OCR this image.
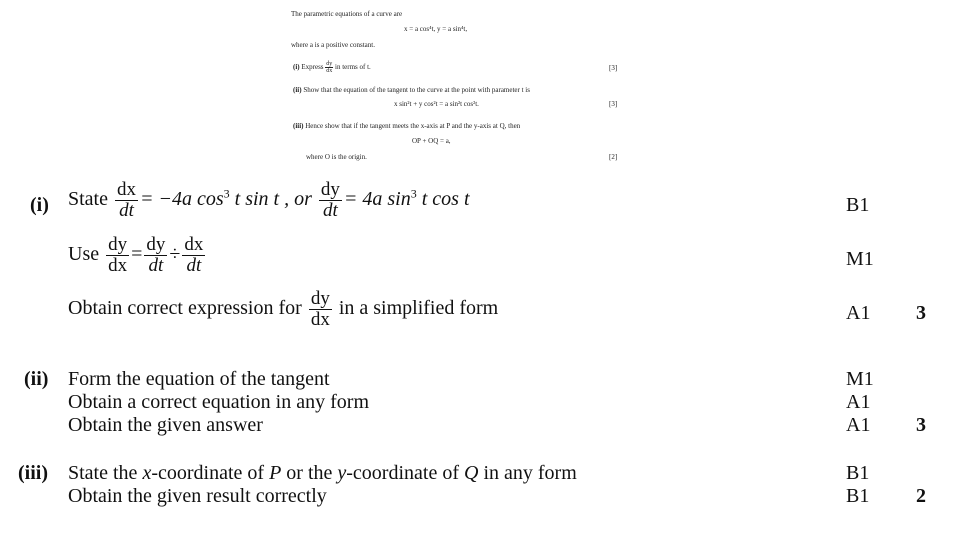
The parametric equations of a curve are
x = a cos⁴t, y = a sin⁴t,
where a is a positive constant.
(i) Express $\frac{dy}{dx}$ in terms of t.	[3]
(ii) Show that the equation of the tangent to the curve at the point with parameter t is
x sin²t + y cos²t = a sin²t cos²t.	[3]
(iii) Hence show that if the tangent meets the x-axis at P and the y-axis at Q, then
OP + OQ = a,
where O is the origin.	[2]
(i) State $\frac{dx}{dt} = -4a$ $\cos^3 t$ sin t , or $\frac{dy}{dt} = 4a$ $\sin^3 t$ cos t	B1
Use $\frac{dy}{dx} = \frac{dy}{dt} \div \frac{dx}{dt}$	M1
Obtain correct expression for $\frac{dy}{dx}$ in a simplified form	A1 3
(ii) Form the equation of the tangent	M1
Obtain a correct equation in any form	A1
Obtain the given answer	A1 3
(iii) State the x-coordinate of P or the y-coordinate of Q in any form	B1
Obtain the given result correctly	B1 2
